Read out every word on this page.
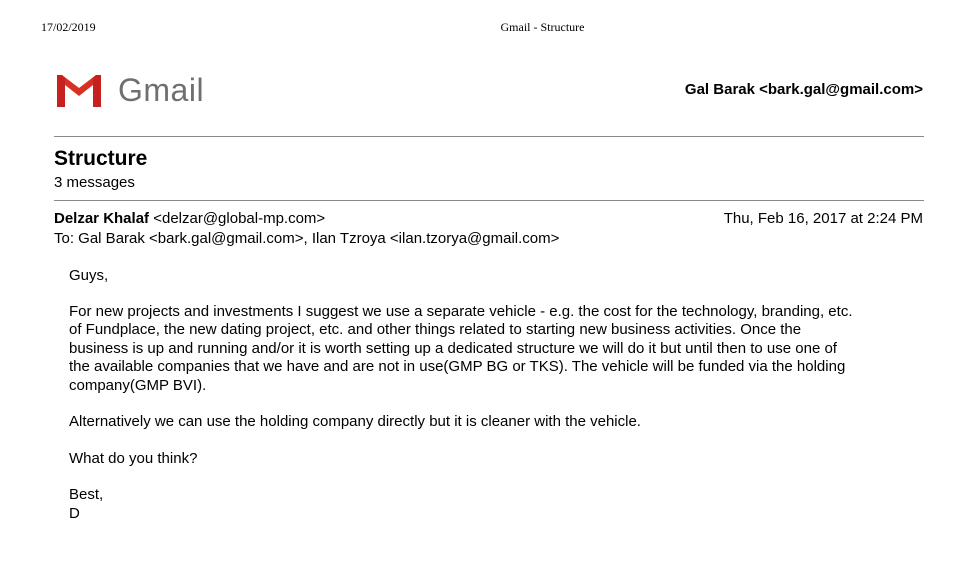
17/02/2019	Gmail - Structure
Gmail	Gal Barak <bark.gal@gmail.com>
Structure
3 messages
Delzar Khalaf <delzar@global-mp.com>	Thu, Feb 16, 2017 at 2:24 PM
To: Gal Barak <bark.gal@gmail.com>, Ilan Tzroya <ilan.tzorya@gmail.com>

Guys,

For new projects and investments I suggest we use a separate vehicle - e.g. the cost for the technology, branding, etc.
of Fundplace, the new dating project, etc. and other things related to starting new business activities. Once the
business is up and running and/or it is worth setting up a dedicated structure we will do it but until then to use one of
the available companies that we have and are not in use(GMP BG or TKS). The vehicle will be funded via the holding
company(GMP BVI).

Alternatively we can use the holding company directly but it is cleaner with the vehicle.

What do you think?

Best,
D
